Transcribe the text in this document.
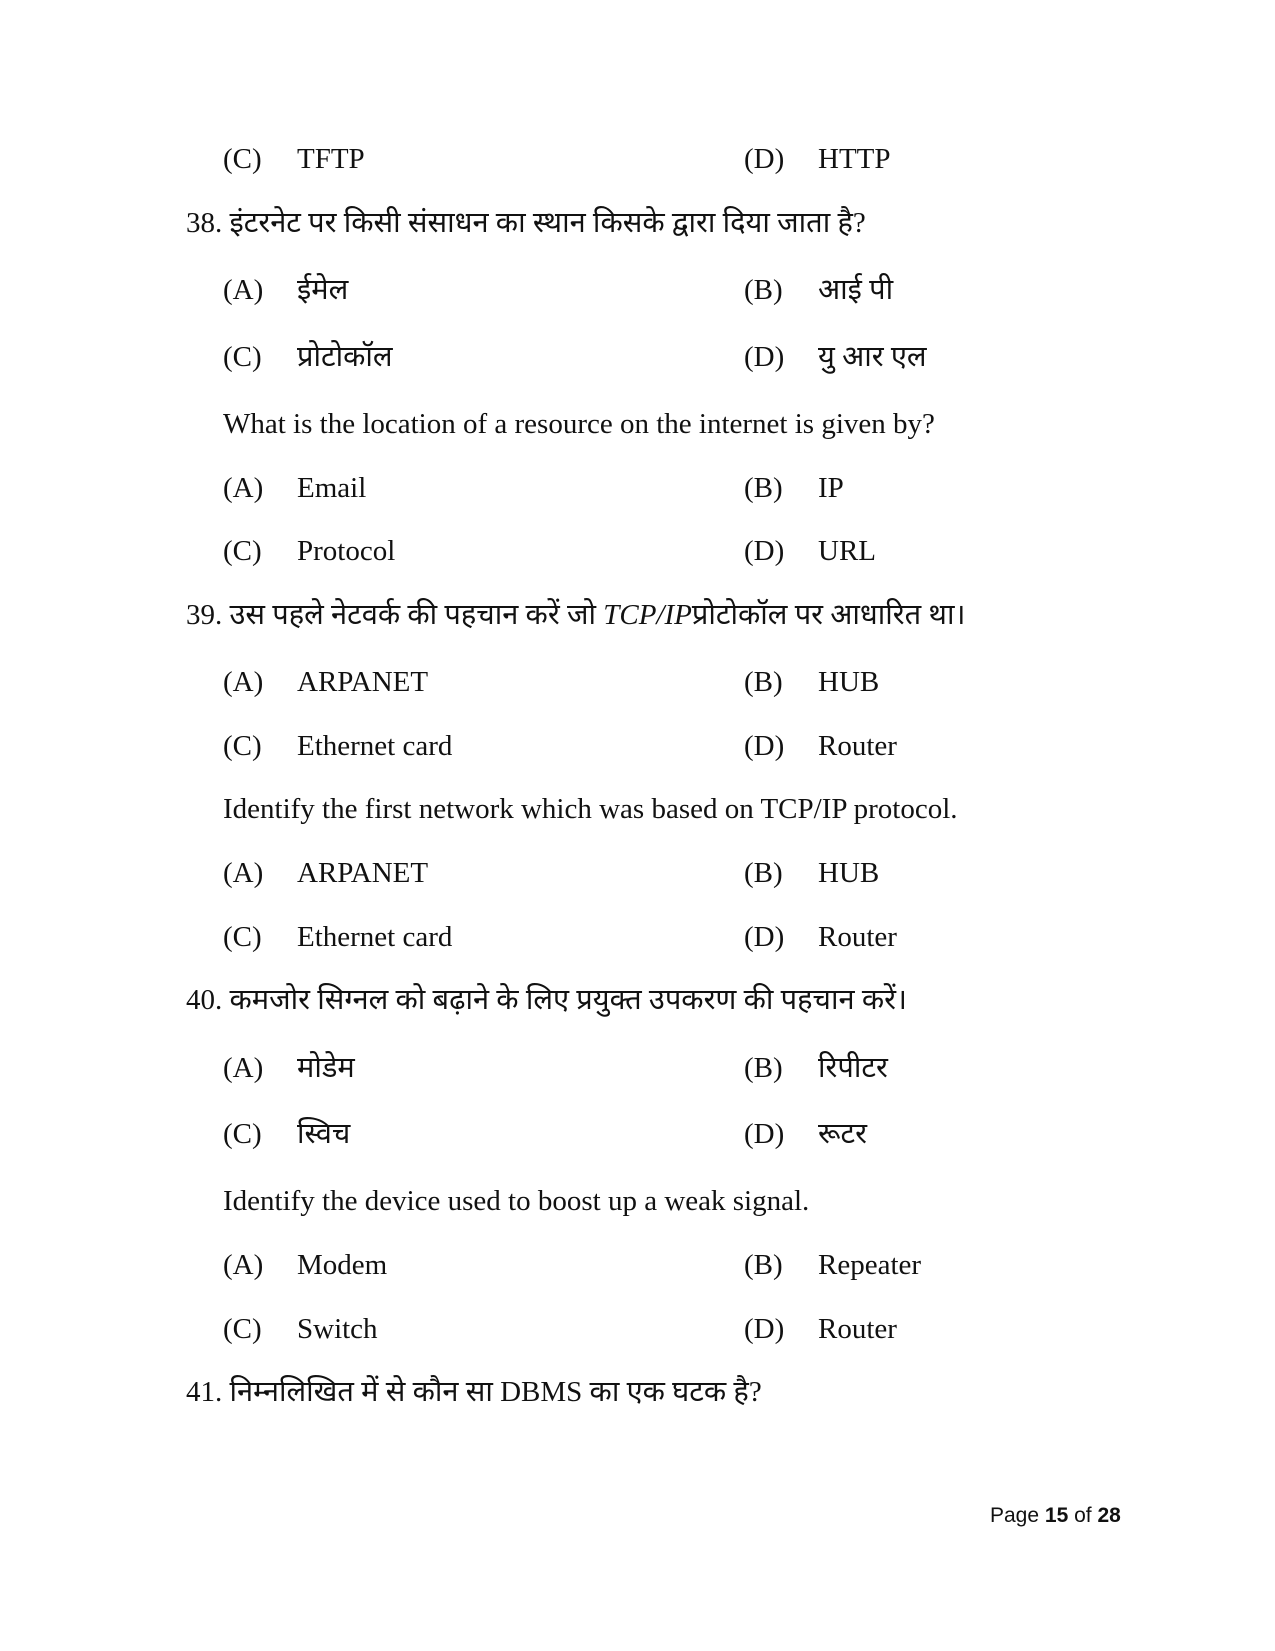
(C) TFTP	(D) HTTP
38. इंटरनेट पर किसी संसाधन का स्थान किसके द्वारा दिया जाता है?
(A) ईमेल	(B) आई पी
(C) प्रोटोकॉल	(D) यु आर एल
What is the location of a resource on the internet is given by?
(A) Email	(B) IP
(C) Protocol	(D) URL
39. उस पहले नेटवर्क की पहचान करें जो TCP/IPप्रोटोकॉल पर आधारित था।
(A) ARPANET	(B) HUB
(C) Ethernet card	(D) Router
Identify the first network which was based on TCP/IP protocol.
(A) ARPANET	(B) HUB
(C) Ethernet card	(D) Router
40. कमजोर सिग्नल को बढ़ाने के लिए प्रयुक्त उपकरण की पहचान करें।
(A) मोडेम	(B) रिपीटर
(C) स्विच	(D) रूटर
Identify the device used to boost up a weak signal.
(A) Modem	(B) Repeater
(C) Switch	(D) Router
41. निम्नलिखित में से कौन सा DBMS का एक घटक है?
Page 15 of 28
